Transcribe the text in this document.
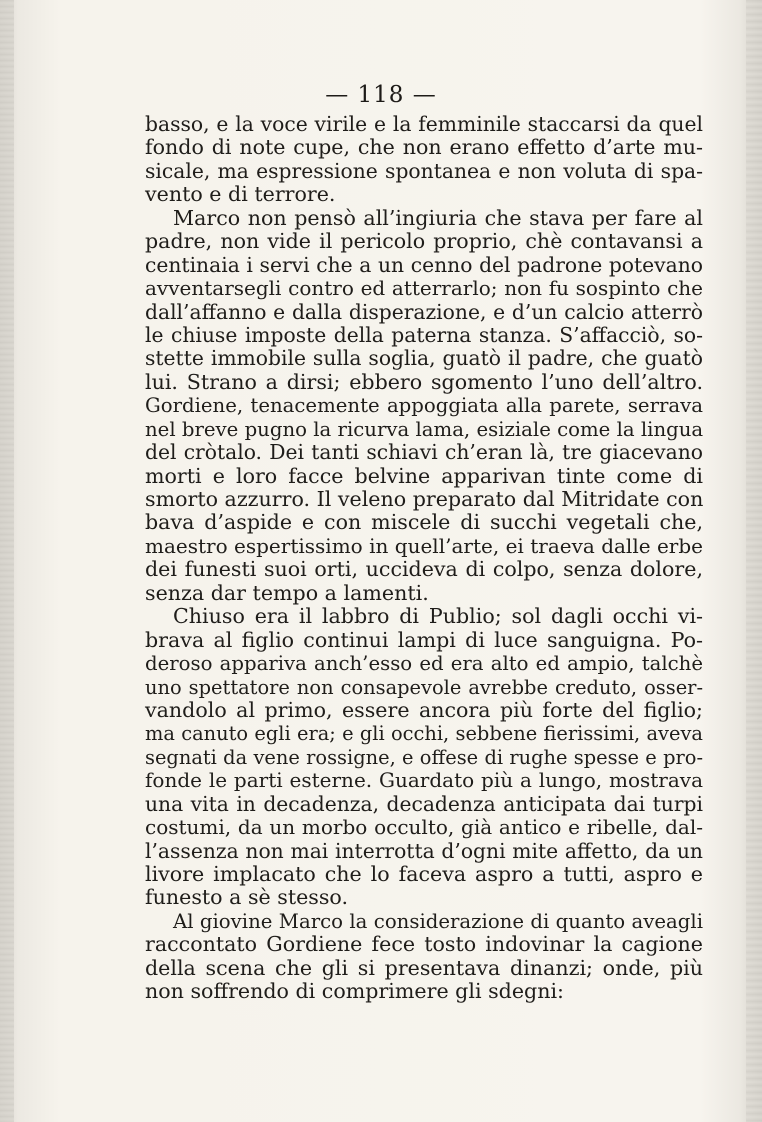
— 118 —
basso, e la voce virile e la femminile staccarsi da quel
fondo di note cupe, che non erano effetto d’arte mu-
sicale, ma espressione spontanea e non voluta di spa-
vento e di terrore.
Marco non pensò all’ingiuria che stava per fare al
padre, non vide il pericolo proprio, chè contavansi a
centinaia i servi che a un cenno del padrone potevano
avventarsegli contro ed atterrarlo; non fu sospinto che
dall’affanno e dalla disperazione, e d’un calcio atterrò
le chiuse imposte della paterna stanza. S’affacciò, so-
stette immobile sulla soglia, guatò il padre, che guatò
lui. Strano a dirsi; ebbero sgomento l’uno dell’altro.
Gordiene, tenacemente appoggiata alla parete, serrava
nel breve pugno la ricurva lama, esiziale come la lingua
del cròtalo. Dei tanti schiavi ch’eran là, tre giacevano
morti e loro facce belvine apparivan tinte come di
smorto azzurro. Il veleno preparato dal Mitridate con
bava d’aspide e con miscele di succhi vegetali che,
maestro espertissimo in quell’arte, ei traeva dalle erbe
dei funesti suoi orti, uccideva di colpo, senza dolore,
senza dar tempo a lamenti.
Chiuso era il labbro di Publio; sol dagli occhi vi-
brava al figlio continui lampi di luce sanguigna. Po-
deroso appariva anch’esso ed era alto ed ampio, talchè
uno spettatore non consapevole avrebbe creduto, osser-
vandolo al primo, essere ancora più forte del figlio;
ma canuto egli era; e gli occhi, sebbene fierissimi, aveva
segnati da vene rossigne, e offese di rughe spesse e pro-
fonde le parti esterne. Guardato più a lungo, mostrava
una vita in decadenza, decadenza anticipata dai turpi
costumi, da un morbo occulto, già antico e ribelle, dal-
l’assenza non mai interrotta d’ogni mite affetto, da un
livore implacato che lo faceva aspro a tutti, aspro e
funesto a sè stesso.
Al giovine Marco la considerazione di quanto aveagli
raccontato Gordiene fece tosto indovinar la cagione
della scena che gli si presentava dinanzi; onde, più
non soffrendo di comprimere gli sdegni:
